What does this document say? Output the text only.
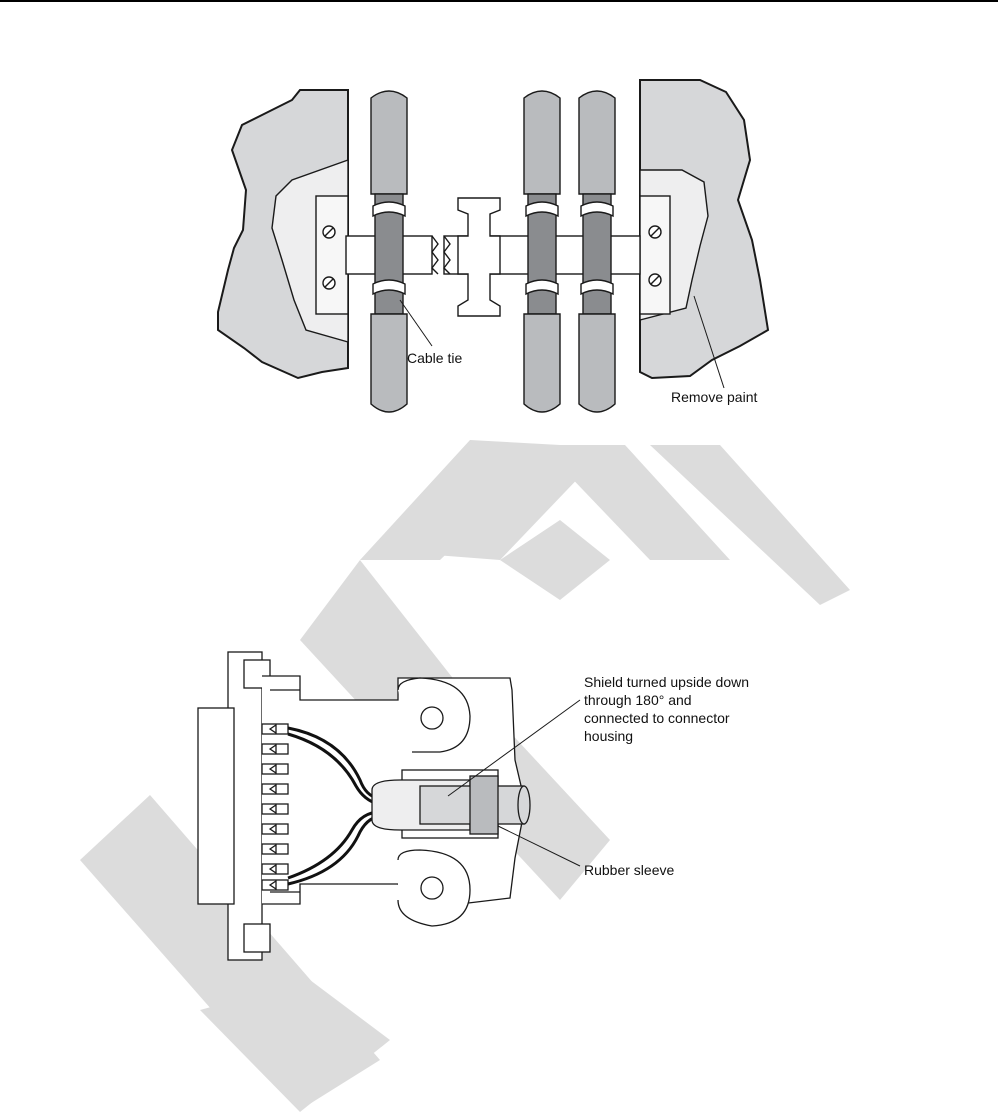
Cable tie
Remove paint
Shield turned upside down
through 180° and
connected to connector
housing
Rubber sleeve
